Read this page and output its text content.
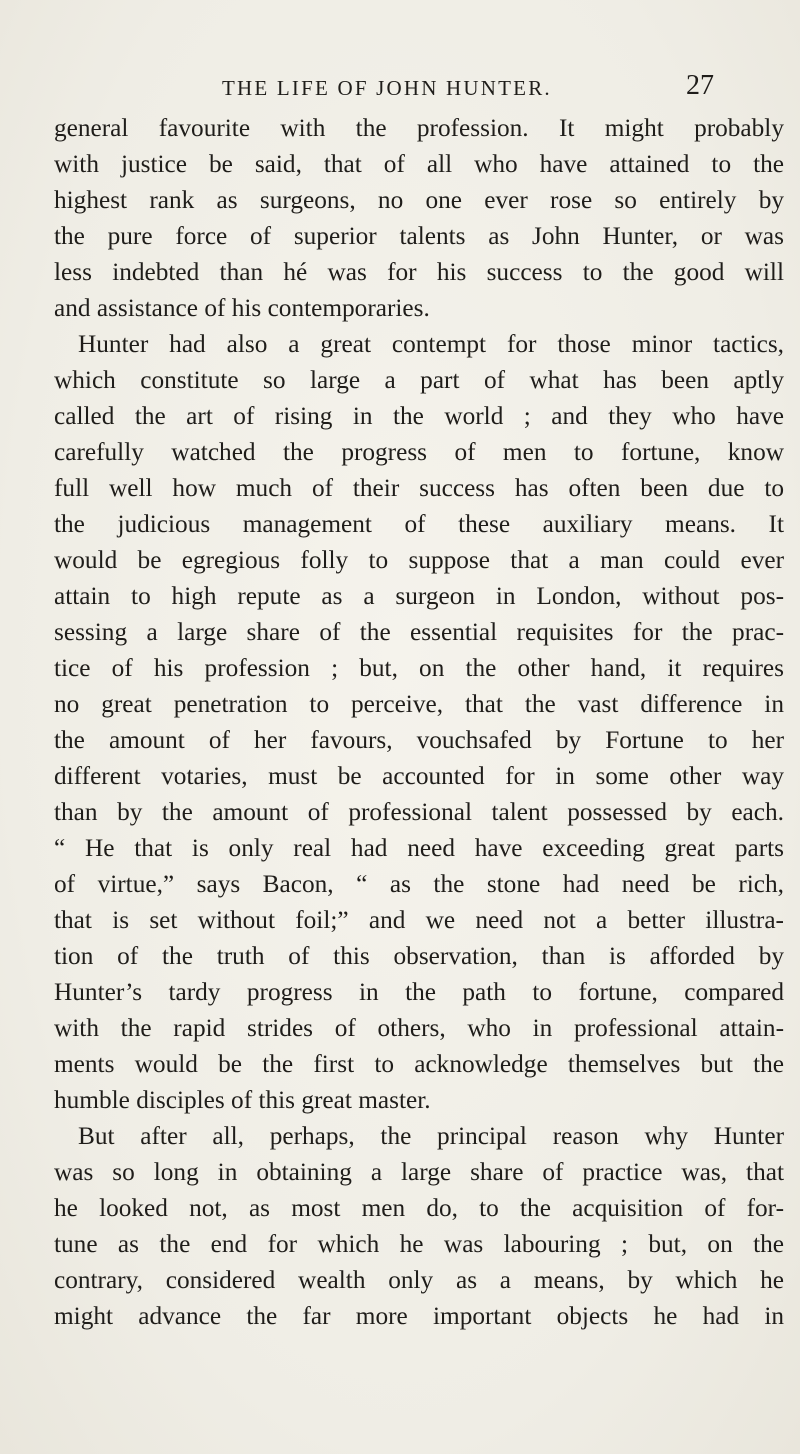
THE LIFE OF JOHN HUNTER.	27
general favourite with the profession. It might probably
with justice be said, that of all who have attained to the
highest rank as surgeons, no one ever rose so entirely by
the pure force of superior talents as John Hunter, or was
less indebted than hé was for his success to the good will
and assistance of his contemporaries.
Hunter had also a great contempt for those minor tactics,
which constitute so large a part of what has been aptly
called the art of rising in the world ; and they who have
carefully watched the progress of men to fortune, know
full well how much of their success has often been due to
the judicious management of these auxiliary means. It
would be egregious folly to suppose that a man could ever
attain to high repute as a surgeon in London, without pos-
sessing a large share of the essential requisites for the prac-
tice of his profession ; but, on the other hand, it requires
no great penetration to perceive, that the vast difference in
the amount of her favours, vouchsafed by Fortune to her
different votaries, must be accounted for in some other way
than by the amount of professional talent possessed by each.
“ He that is only real had need have exceeding great parts
of virtue,” says Bacon, “ as the stone had need be rich,
that is set without foil;” and we need not a better illustra-
tion of the truth of this observation, than is afforded by
Hunter’s tardy progress in the path to fortune, compared
with the rapid strides of others, who in professional attain-
ments would be the first to acknowledge themselves but the
humble disciples of this great master.
But after all, perhaps, the principal reason why Hunter
was so long in obtaining a large share of practice was, that
he looked not, as most men do, to the acquisition of for-
tune as the end for which he was labouring ; but, on the
contrary, considered wealth only as a means, by which he
might advance the far more important objects he had in
